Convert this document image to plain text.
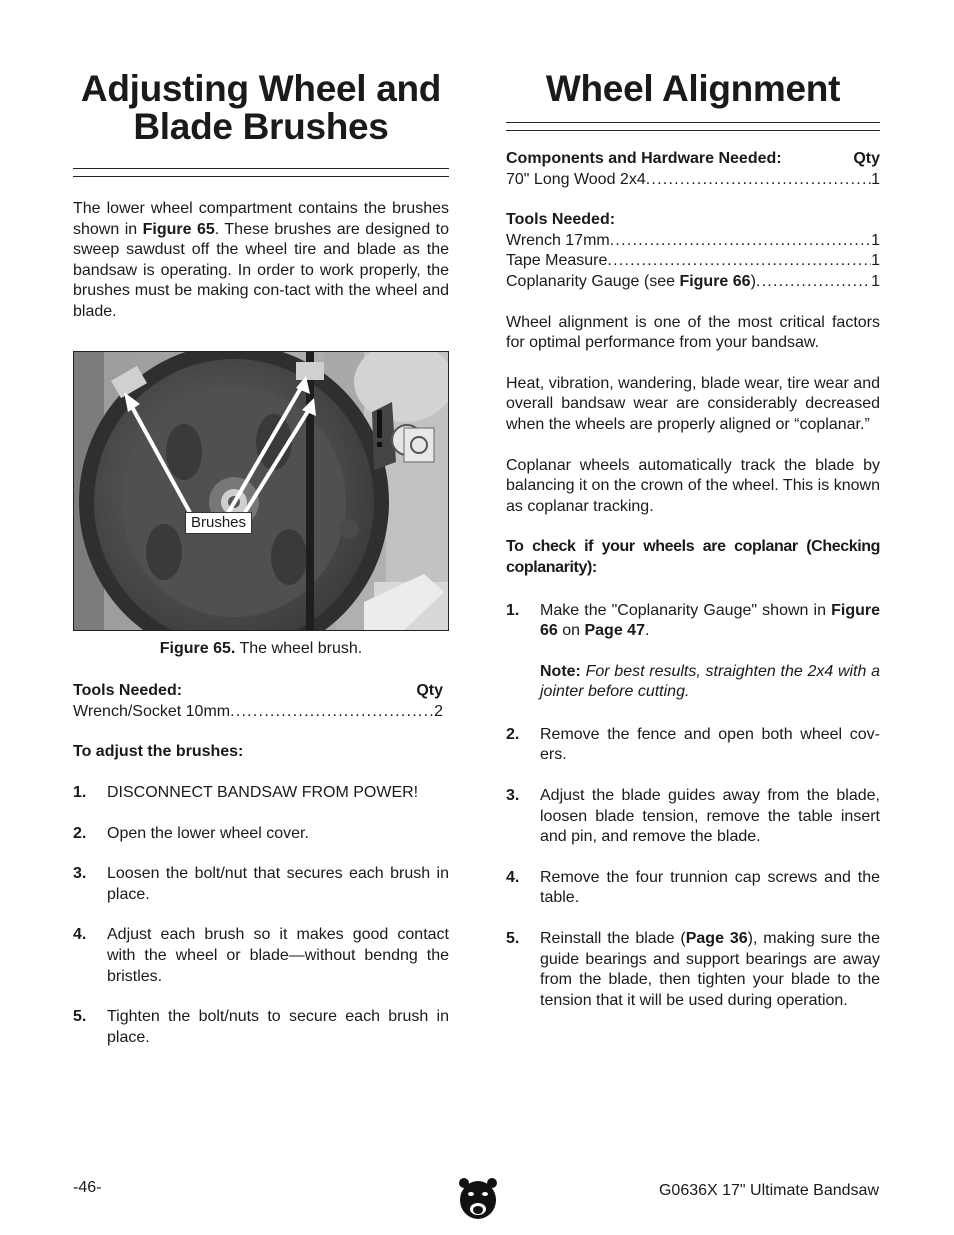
Adjusting Wheel and
Blade Brushes

The lower wheel compartment contains the brushes shown in Figure 65. These brushes are designed to sweep sawdust off the wheel tire and blade as the bandsaw is operating. In order to work properly, the brushes must be making con-tact with the wheel and blade.

Brushes
Figure 65. The wheel brush.
Tools Needed:	Qty
Wrench/Socket 10mm . . .	2

To adjust the brushes:

1.	DISCONNECT BANDSAW FROM POWER!
2.	Open the lower wheel cover.
3.	Loosen the bolt/nut that secures each brush in place.
4.	Adjust each brush so it makes good contact with the wheel or blade—without bendng the bristles.
5.	Tighten the bolt/nuts to secure each brush in place.
Wheel Alignment
Components and Hardware Needed:	Qty
70" Long Wood 2x4 . . .	1
Tools Needed:
Wrench 17mm . . .	1
Tape Measure . . .	1
Coplanarity Gauge (see Figure 66) . . .	1

Wheel alignment is one of the most critical factors for optimal performance from your bandsaw.

Heat, vibration, wandering, blade wear, tire wear and overall bandsaw wear are considerably decreased when the wheels are properly aligned or “coplanar.”

Coplanar wheels automatically track the blade by balancing it on the crown of the wheel. This is known as coplanar tracking.

To check if your wheels are coplanar (Checking coplanarity):

1.	Make the "Coplanarity Gauge" shown in Figure 66 on Page 47.
Note: For best results, straighten the 2x4 with a jointer before cutting.
2.	Remove the fence and open both wheel cov-ers.
3.	Adjust the blade guides away from the blade, loosen blade tension, remove the table insert and pin, and remove the blade.
4.	Remove the four trunnion cap screws and the table.
5.	Reinstall the blade (Page 36), making sure the guide bearings and support bearings are away from the blade, then tighten your blade to the tension that it will be used during operation.
-46-	G0636X 17" Ultimate Bandsaw
